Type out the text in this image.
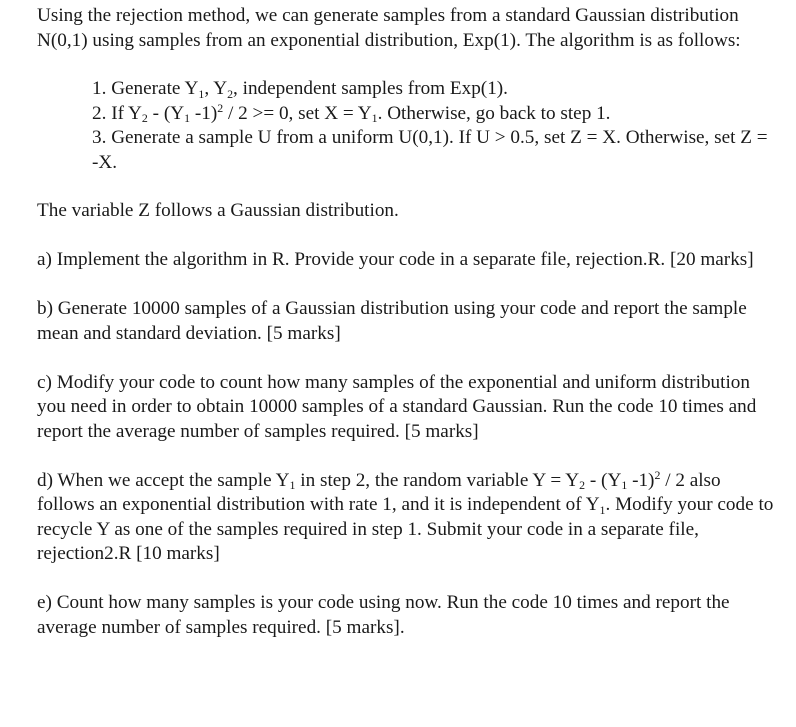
Using the rejection method, we can generate samples from a standard Gaussian distribution N(0,1) using samples from an exponential distribution, Exp(1). The algorithm is as follows:

1. Generate $Y_1$, $Y_2$, independent samples from Exp(1).

2. If $Y_2 - (Y_1$ -1)$^2$ / 2 >= 0, set $X = Y_1$. Otherwise, go back to step 1.

3. Generate a sample U from a uniform U(0,1). If U > 0.5, set Z = X. Otherwise, set Z = -X.

The variable Z follows a Gaussian distribution.

a) Implement the algorithm in R. Provide your code in a separate file, rejection.R. [20 marks]

b) Generate 10000 samples of a Gaussian distribution using your code and report the sample mean and standard deviation. [5 marks]

c) Modify your code to count how many samples of the exponential and uniform distribution you need in order to obtain 10000 samples of a standard Gaussian. Run the code 10 times and report the average number of samples required. [5 marks]

d) When we accept the sample $Y_1$ in step 2, the random variable $Y = Y_2 - (Y_1$ -1)$^2$ / 2 also follows an exponential distribution with rate 1, and it is independent of $Y_1$. Modify your code to recycle Y as one of the samples required in step 1. Submit your code in a separate file, rejection2.R [10 marks]

e) Count how many samples is your code using now. Run the code 10 times and report the average number of samples required. [5 marks].
